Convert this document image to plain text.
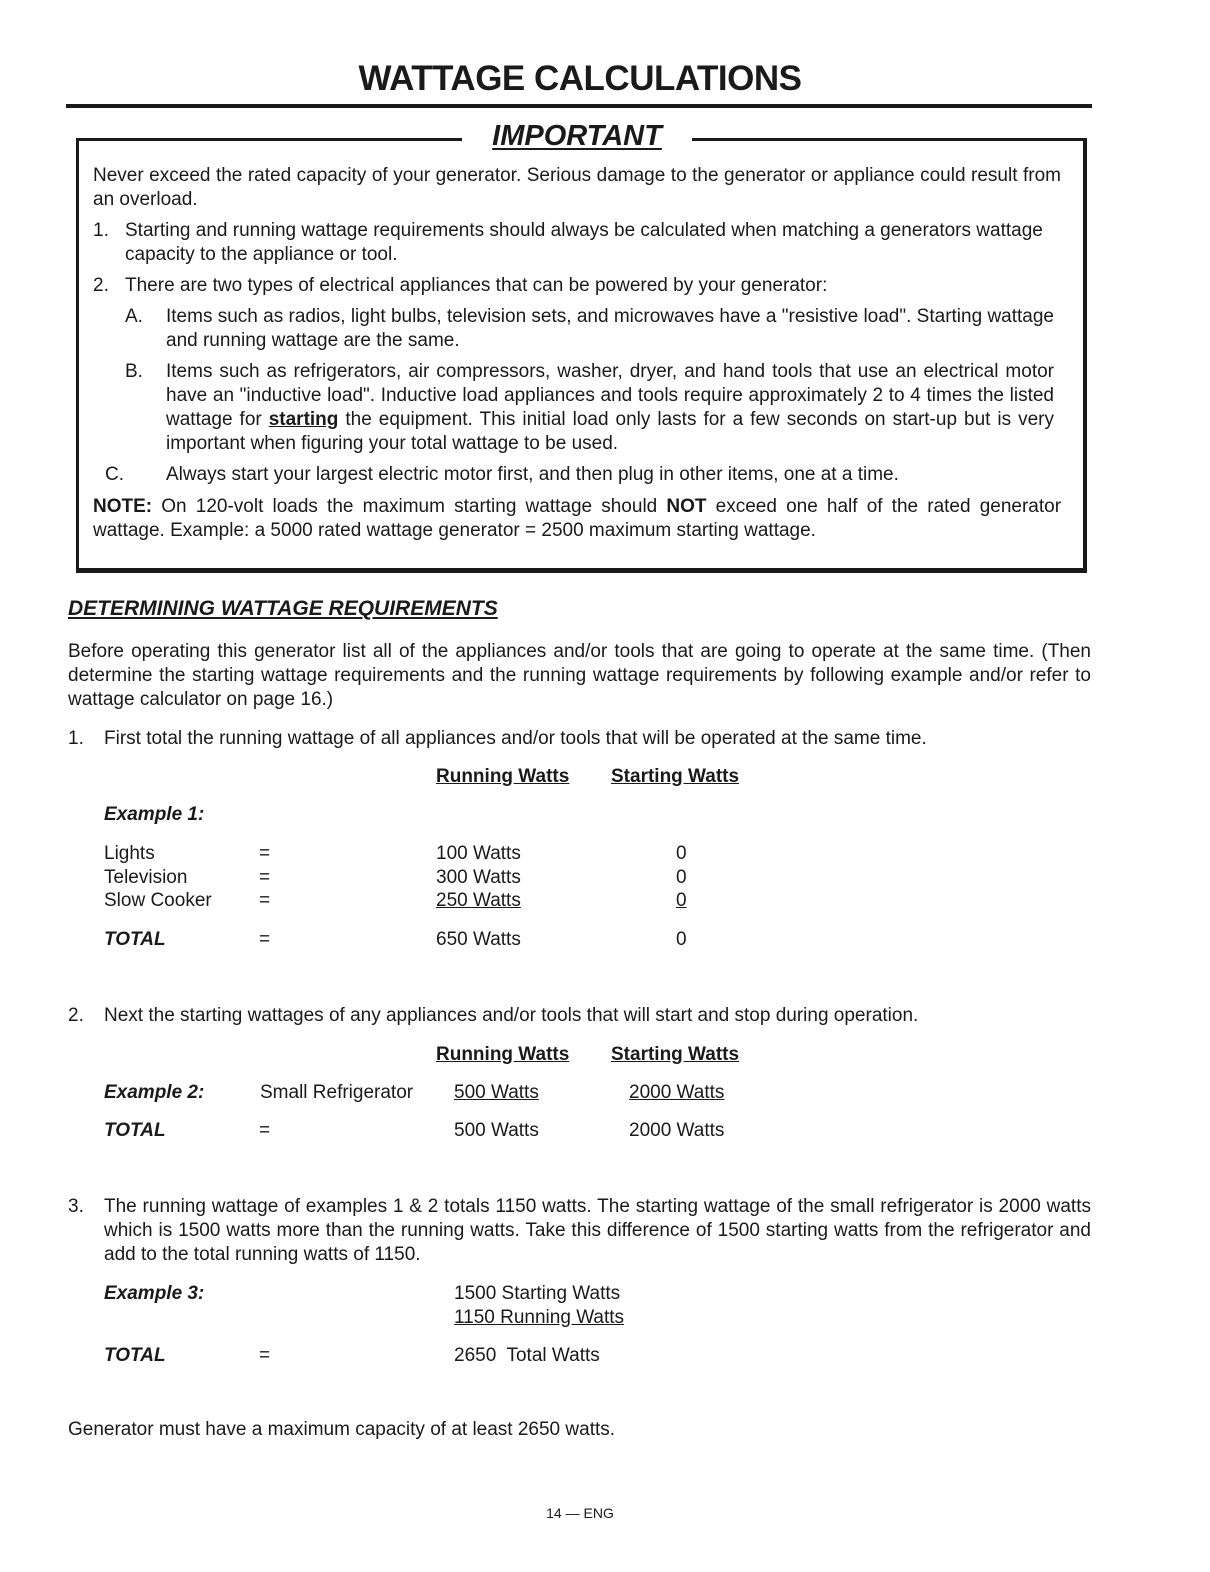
WATTAGE CALCULATIONS
IMPORTANT
Never exceed the rated capacity of your generator. Serious damage to the generator or appliance could result from an overload.
1. Starting and running wattage requirements should always be calculated when matching a generators wattage capacity to the appliance or tool.
2. There are two types of electrical appliances that can be powered by your generator:
A.	Items such as radios, light bulbs, television sets, and microwaves have a "resistive load". Starting wattage and running wattage are the same.
B.	Items such as refrigerators, air compressors, washer, dryer, and hand tools that use an electrical motor have an "inductive load". Inductive load appliances and tools require approximately 2 to 4 times the listed wattage for starting the equipment. This initial load only lasts for a few seconds on start-up but is very important when figuring your total wattage to be used.
C.	Always start your largest electric motor first, and then plug in other items, one at a time.
NOTE: On 120-volt loads the maximum starting wattage should NOT exceed one half of the rated generator wattage. Example: a 5000 rated wattage generator = 2500 maximum starting wattage.
DETERMINING WATTAGE REQUIREMENTS
Before operating this generator list all of the appliances and/or tools that are going to operate at the same time. (Then determine the starting wattage requirements and the running wattage requirements by following example and/or refer to wattage calculator on page 16.)
1. First total the running wattage of all appliances and/or tools that will be operated at the same time.
Running Watts Starting Watts
Example 1:
Lights	=	100 Watts	0
Television	=	300 Watts	0
Slow Cooker =	250 Watts	0
TOTAL	=	650 Watts	0
2. Next the starting wattages of any appliances and/or tools that will start and stop during operation.
Running Watts Starting Watts
Example 2:	Small Refrigerator 500 Watts	2000 Watts
TOTAL	=	500 Watts	2000 Watts
3. The running wattage of examples 1 & 2 totals 1150 watts. The starting wattage of the small refrigerator is 2000 watts which is 1500 watts more than the running watts. Take this difference of 1500 starting watts from the refrigerator and add to the total running watts of 1150.
Example 3:	1500 Starting Watts
1150 Running Watts
TOTAL	=	2650  Total Watts
Generator must have a maximum capacity of at least 2650 watts.
14 — ENG
